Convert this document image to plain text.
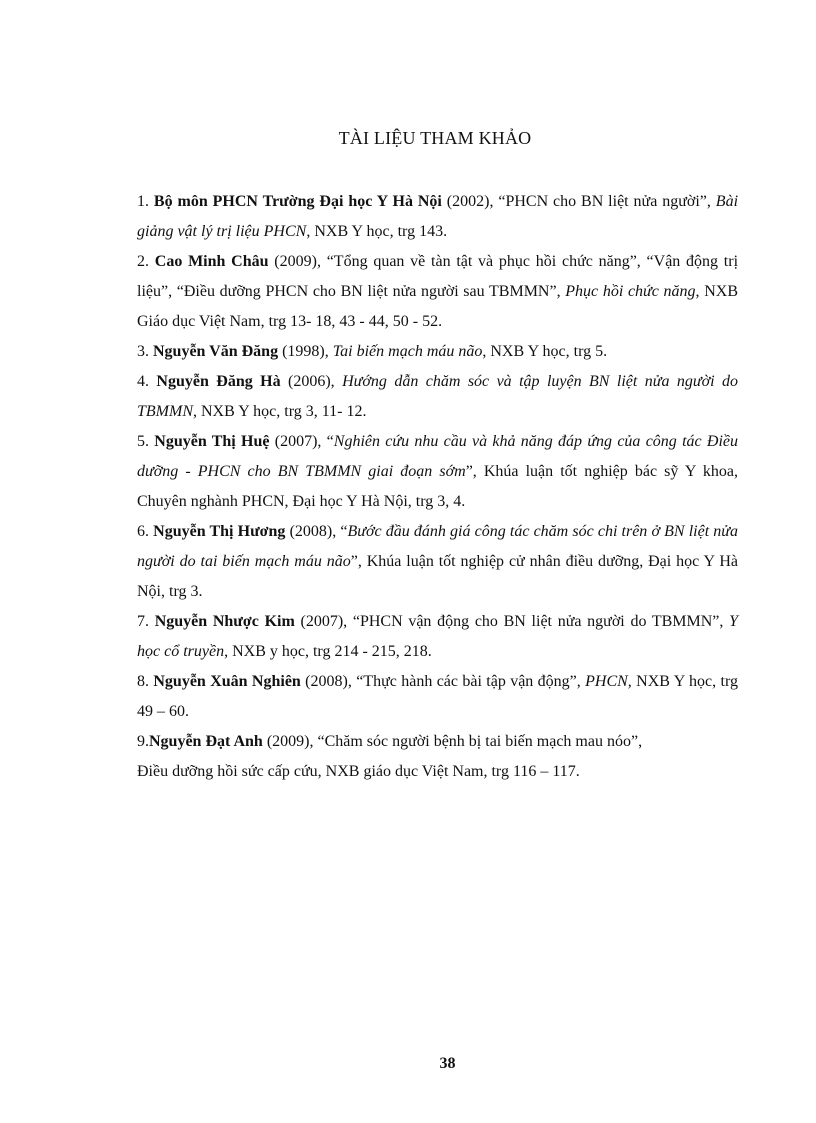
TÀI LIỆU THAM KHẢO
1. Bộ môn PHCN Trường Đại học Y Hà Nội (2002), “PHCN cho BN liệt nửa người”, Bài giảng vật lý trị liệu PHCN, NXB Y học, trg 143.
2. Cao Minh Châu (2009), “Tổng quan về tàn tật và phục hồi chức năng”, “Vận động trị liệu”, “Điều dưỡng PHCN cho BN liệt nửa người sau TBMMN”, Phục hồi chức năng, NXB Giáo dục Việt Nam, trg 13- 18, 43 - 44, 50 - 52.
3. Nguyễn Văn Đăng (1998), Tai biến mạch máu não, NXB Y học, trg 5.
4. Nguyễn Đăng Hà (2006), Hướng dẫn chăm sóc và tập luyện BN liệt nửa người do TBMMN, NXB Y học, trg 3, 11- 12.
5. Nguyễn Thị Huệ (2007), “Nghiên cứu nhu cầu và khả năng đáp ứng của công tác Điều dưỡng - PHCN cho BN TBMMN giai đoạn sớm”, Khúa luận tốt nghiệp bác sỹ Y khoa, Chuyên nghành PHCN, Đại học Y Hà Nội, trg 3, 4.
6. Nguyễn Thị Hương (2008), “Bước đầu đánh giá công tác chăm sóc chi trên ở BN liệt nửa người do tai biến mạch máu não”, Khúa luận tốt nghiệp cử nhân điều dưỡng, Đại học Y Hà Nội, trg 3.
7. Nguyễn Nhược Kim (2007), “PHCN vận động cho BN liệt nửa người do TBMMN”, Y học cổ truyền, NXB y học, trg 214 - 215, 218.
8. Nguyễn Xuân Nghiên (2008), “Thực hành các bài tập vận động”, PHCN, NXB Y học, trg 49 – 60.
9.Nguyễn Đạt Anh (2009), “Chăm sóc người bệnh bị tai biến mạch mau nóo”,
Điều dưỡng hồi sức cấp cứu, NXB giáo dục Việt Nam, trg 116 – 117.
38
